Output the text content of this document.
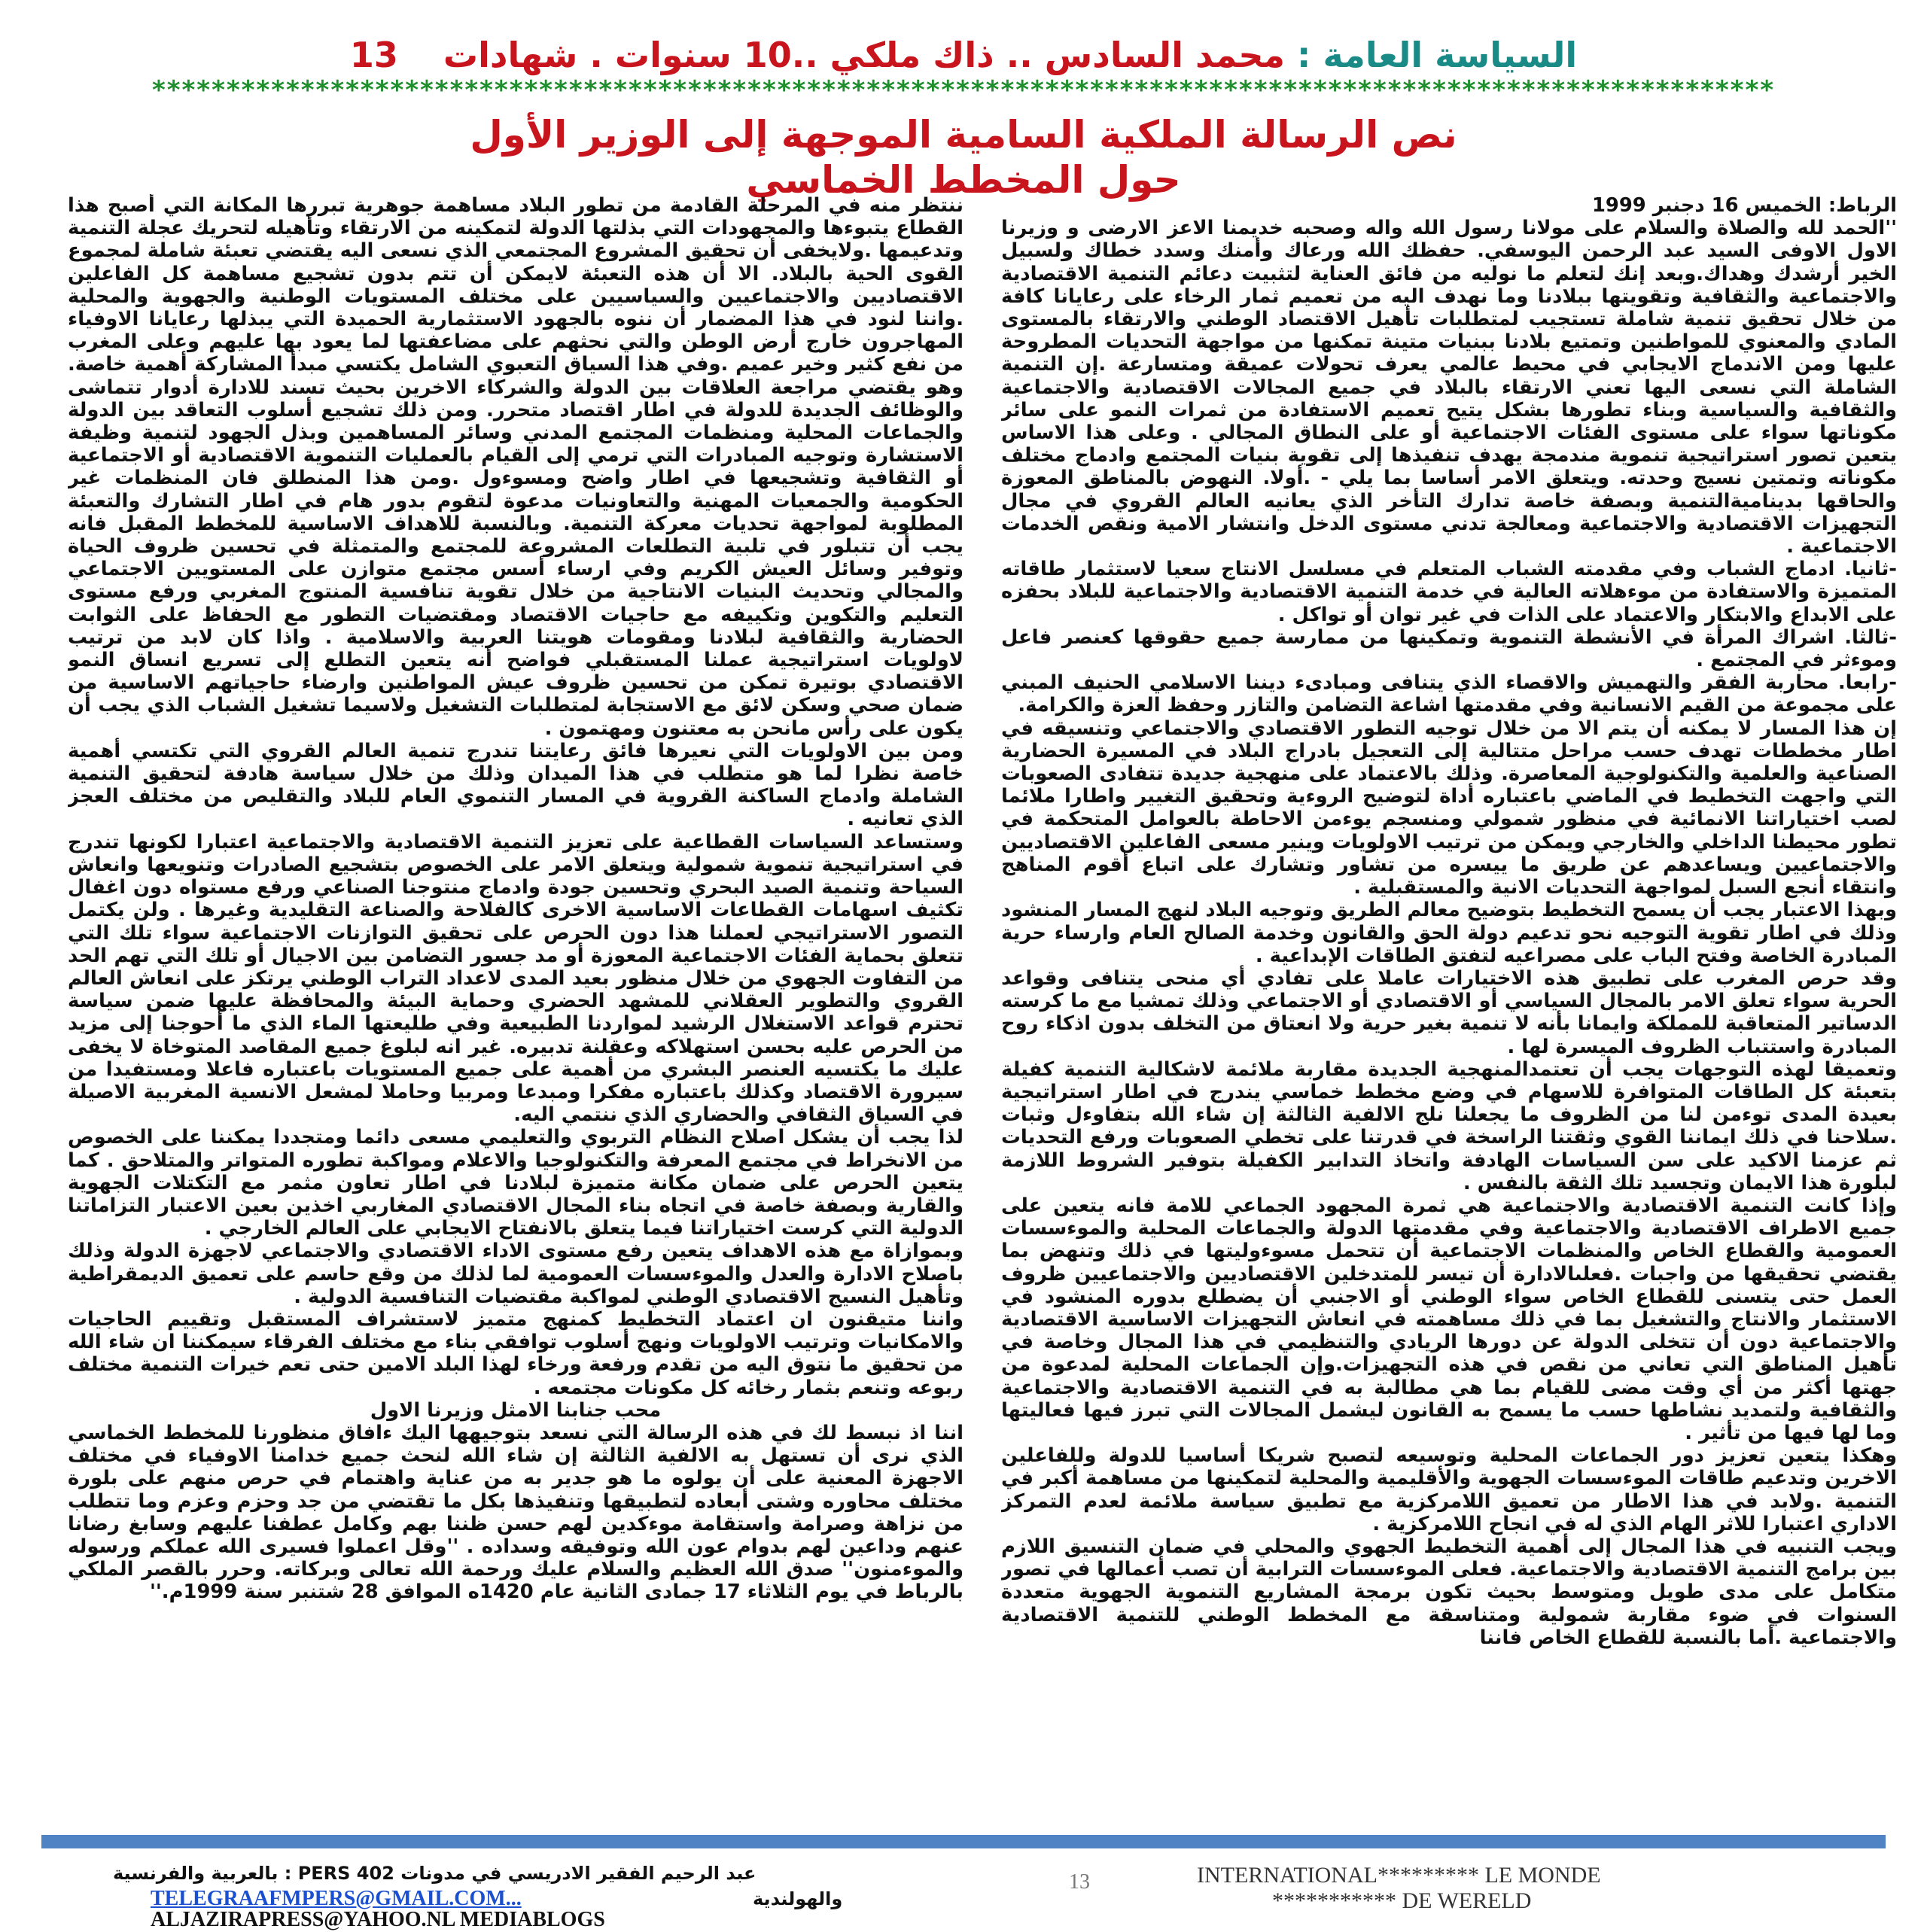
السياسة العامة :

محمد السادس .. ذاك ملكي ..10 سنوات . شهادات
13
*************************************************************************************************************
نص الرسالة الملكية السامية الموجهة إلى الوزير الأول
حول المخطط الخماسي

الرباط: الخميس 16 دجنبر 1999

''الحمد لله والصلاة والسلام على مولانا رسول الله واله وصحبه خديمنا الاعز الارضى و وزيرنا الاول الاوفى السيد عبد الرحمن اليوسفي. حفظك الله ورعاك وأمنك وسدد خطاك ولسبيل الخير أرشدك وهداك.وبعد إنك لتعلم ما نوليه من فائق العناية لتثبيت دعائم التنمية الاقتصادية والاجتماعية والثقافية وتقويتها ببلادنا وما نهدف اليه من تعميم ثمار الرخاء على رعايانا كافة من خلال تحقيق تنمية شاملة تستجيب لمتطلبات تأهيل الاقتصاد الوطني والارتقاء بالمستوى المادي والمعنوي للمواطنين وتمتيع بلادنا ببنيات متينة تمكنها من مواجهة التحديات المطروحة عليها ومن الاندماج الايجابي في محيط عالمي يعرف تحولات عميقة ومتسارعة .إن التنمية الشاملة التي نسعى اليها تعني الارتقاء بالبلاد في جميع المجالات الاقتصادية والاجتماعية والثقافية والسياسية وبناء تطورها بشكل يتيح تعميم الاستفادة من ثمرات النمو على سائر مكوناتها سواء على مستوى الفئات الاجتماعية أو على النطاق المجالي . وعلى هذا الاساس يتعين تصور استراتيجية تنموية مندمجة يهدف تنفيذها إلى تقوية بنيات المجتمع وادماج مختلف مكوناته وتمتين نسيج وحدته. ويتعلق الامر أساسا بما يلي - .أولا. النهوض بالمناطق المعوزة والحاقها بديناميةالتنمية وبصفة خاصة تدارك التأخر الذي يعانيه العالم القروي في مجال التجهيزات الاقتصادية والاجتماعية ومعالجة تدني مستوى الدخل وانتشار الامية ونقص الخدمات الاجتماعية .

-ثانيا. ادماج الشباب وفي مقدمته الشباب المتعلم في مسلسل الانتاج سعيا لاستثمار طاقاته المتميزة والاستفادة من موءهلاته العالية في خدمة التنمية الاقتصادية والاجتماعية للبلاد بحفزه على الابداع والابتكار والاعتماد على الذات في غير توان أو تواكل .

-ثالثا. اشراك المرأة في الأنشطة التنموية وتمكينها من ممارسة جميع حقوقها كعنصر فاعل وموءثر في المجتمع .

-رابعا. محاربة الفقر والتهميش والاقصاء الذي يتنافى ومبادىء ديننا الاسلامي الحنيف المبني على مجموعة من القيم الانسانية وفي مقدمتها اشاعة التضامن والتازر وحفظ العزة والكرامة.

إن هذا المسار لا يمكنه أن يتم الا من خلال توجيه التطور الاقتصادي والاجتماعي وتنسيقه في اطار مخططات تهدف حسب مراحل متتالية إلى التعجيل بادراج البلاد في المسيرة الحضارية الصناعية والعلمية والتكنولوجية المعاصرة. وذلك بالاعتماد على منهجية جديدة تتفادى الصعوبات التي واجهت التخطيط في الماضي باعتباره أداة لتوضيح الروءية وتحقيق التغيير واطارا ملائما لصب اختياراتنا الانمائية في منظور شمولي ومنسجم يوءمن الاحاطة بالعوامل المتحكمة في تطور محيطنا الداخلي والخارجي ويمكن من ترتيب الاولويات وينير مسعى الفاعلين الاقتصاديين والاجتماعيين ويساعدهم عن طريق ما ييسره من تشاور وتشارك على اتباع أقوم المناهج وانتقاء أنجع السبل لمواجهة التحديات الانية والمستقبلية .

وبهذا الاعتبار يجب أن يسمح التخطيط بتوضيح معالم الطريق وتوجيه البلاد لنهج المسار المنشود وذلك في اطار تقوية التوجيه نحو تدعيم دولة الحق والقانون وخدمة الصالح العام وارساء حرية المبادرة الخاصة وفتح الباب على مصراعيه لتفتق الطاقات الإبداعية .

وقد حرص المغرب على تطبيق هذه الاختيارات عاملا على تفادي أي منحى يتنافى وقواعد الحرية سواء تعلق الامر بالمجال السياسي أو الاقتصادي أو الاجتماعي وذلك تمشيا مع ما كرسته الدساتير المتعاقبة للمملكة وايمانا بأنه لا تنمية بغير حرية ولا انعتاق من التخلف بدون اذكاء روح المبادرة واستتباب الظروف الميسرة لها .

وتعميقا لهذه التوجهات يجب أن تعتمدالمنهجية الجديدة مقاربة ملائمة لاشكالية التنمية كفيلة بتعبئة كل الطاقات المتوافرة للاسهام في وضع مخطط خماسي يندرج في اطار استراتيجية بعيدة المدى توءمن لنا من الظروف ما يجعلنا نلج الالفية الثالثة إن شاء الله بتفاوءل وثبات .سلاحنا في ذلك ايماننا القوي وثقتنا الراسخة في قدرتنا على تخطي الصعوبات ورفع التحديات ثم عزمنا الاكيد على سن السياسات الهادفة واتخاذ التدابير الكفيلة بتوفير الشروط اللازمة لبلورة هذا الايمان وتجسيد تلك الثقة بالنفس .

وإذا كانت التنمية الاقتصادية والاجتماعية هي ثمرة المجهود الجماعي للامة فانه يتعين على جميع الاطراف الاقتصادية والاجتماعية وفي مقدمتها الدولة والجماعات المحلية والموءسسات العمومية والقطاع الخاص والمنظمات الاجتماعية أن تتحمل مسوءوليتها في ذلك وتنهض بما يقتضي تحقيقها من واجبات .فعلىالادارة أن تيسر للمتدخلين الاقتصاديين والاجتماعيين ظروف العمل حتى يتسنى للقطاع الخاص سواء الوطني أو الاجنبي أن يضطلع بدوره المنشود في الاستثمار والانتاج والتشغيل بما في ذلك مساهمته في انعاش التجهيزات الاساسية الاقتصادية والاجتماعية دون أن تتخلى الدولة عن دورها الريادي والتنظيمي في هذا المجال وخاصة في تأهيل المناطق التي تعاني من نقص في هذه التجهيزات.وإن الجماعات المحلية لمدعوة من جهتها أكثر من أي وقت مضى للقيام بما هي مطالبة به في التنمية الاقتصادية والاجتماعية والثقافية ولتمديد نشاطها حسب ما يسمح به القانون ليشمل المجالات التي تبرز فيها فعاليتها وما لها فيها من تأثير .

وهكذا يتعين تعزيز دور الجماعات المحلية وتوسيعه لتصبح شريكا أساسيا للدولة وللفاعلين الاخرين وتدعيم طاقات الموءسسات الجهوية والأقليمية والمحلية لتمكينها من مساهمة أكبر في التنمية .ولابد في هذا الاطار من تعميق اللامركزية مع تطبيق سياسة ملائمة لعدم التمركز الاداري اعتبارا للاثر الهام الذي له في انجاح اللامركزية .

ويجب التنبيه في هذا المجال إلى أهمية التخطيط الجهوي والمحلي في ضمان التنسيق اللازم بين برامج التنمية الاقتصادية والاجتماعية. فعلى الموءسسات الترابية أن تصب أعمالها في تصور متكامل على مدى طويل ومتوسط بحيث تكون برمجة المشاريع التنموية الجهوية متعددة السنوات في ضوء مقاربة شمولية ومتناسقة مع المخطط الوطني للتنمية الاقتصادية والاجتماعية .أما بالنسبة للقطاع الخاص فاننا

ننتظر منه في المرحلة القادمة من تطور البلاد مساهمة جوهرية تبررها المكانة التي أصبح هذا القطاع يتبوءها والمجهودات التي بذلتها الدولة لتمكينه من الارتقاء وتأهيله لتحريك عجلة التنمية وتدعيمها .ولايخفى أن تحقيق المشروع المجتمعي الذي نسعى اليه يقتضي تعبئة شاملة لمجموع القوى الحية بالبلاد. الا أن هذه التعبئة لايمكن أن تتم بدون تشجيع مساهمة كل الفاعلين الاقتصاديين والاجتماعيين والسياسيين على مختلف المستويات الوطنية والجهوية والمحلية .واننا لنود في هذا المضمار أن ننوه بالجهود الاستثمارية الحميدة التي يبذلها رعايانا الاوفياء المهاجرون خارج أرض الوطن والتي نحثهم على مضاعفتها لما يعود بها عليهم وعلى المغرب من نفع كثير وخير عميم .وفي هذا السياق التعبوي الشامل يكتسي مبدأ المشاركة أهمية خاصة. وهو يقتضي مراجعة العلاقات بين الدولة والشركاء الاخرين بحيث تسند للادارة أدوار تتماشى والوظائف الجديدة للدولة في اطار اقتصاد متحرر. ومن ذلك تشجيع أسلوب التعاقد بين الدولة والجماعات المحلية ومنظمات المجتمع المدني وسائر المساهمين وبذل الجهود لتنمية وظيفة الاستشارة وتوجيه المبادرات التي ترمي إلى القيام بالعمليات التنموية الاقتصادية أو الاجتماعية أو الثقافية وتشجيعها في اطار واضح ومسوءول .ومن هذا المنطلق فان المنظمات غير الحكومية والجمعيات المهنية والتعاونيات مدعوة لتقوم بدور هام في اطار التشارك والتعبئة المطلوبة لمواجهة تحديات معركة التنمية. وبالنسبة للاهداف الاساسية للمخطط المقبل فانه يجب أن تتبلور في تلبية التطلعات المشروعة للمجتمع والمتمثلة في تحسين ظروف الحياة وتوفير وسائل العيش الكريم وفي ارساء أسس مجتمع متوازن على المستويين الاجتماعي والمجالي وتحديث البنيات الانتاجية من خلال تقوية تنافسية المنتوج المغربي ورفع مستوى التعليم والتكوين وتكييفه مع حاجيات الاقتصاد ومقتضيات التطور مع الحفاظ على الثوابت الحضارية والثقافية لبلادنا ومقومات هويتنا العربية والاسلامية . واذا كان لابد من ترتيب لاولويات استراتيجية عملنا المستقبلي فواضح أنه يتعين التطلع إلى تسريع انساق النمو الاقتصادي بوتيرة تمكن من تحسين ظروف عيش المواطنين وارضاء حاجياتهم الاساسية من ضمان صحي وسكن لائق مع الاستجابة لمتطلبات التشغيل ولاسيما تشغيل الشباب الذي يجب أن يكون على رأس مانحن به معتنون ومهتمون .

ومن بين الاولويات التي نعيرها فائق رعايتنا تندرج تنمية العالم القروي التي تكتسي أهمية خاصة نظرا لما هو متطلب في هذا الميدان وذلك من خلال سياسة هادفة لتحقيق التنمية الشاملة وادماج الساكنة القروية في المسار التنموي العام للبلاد والتقليص من مختلف العجز الذي تعانيه .

وستساعد السياسات القطاعية على تعزيز التنمية الاقتصادية والاجتماعية اعتبارا لكونها تندرج في استراتيجية تنموية شمولية ويتعلق الامر على الخصوص بتشجيع الصادرات وتنويعها وانعاش السياحة وتنمية الصيد البحري وتحسين جودة وادماج منتوجنا الصناعي ورفع مستواه دون اغفال تكثيف اسهامات القطاعات الاساسية الاخرى كالفلاحة والصناعة التقليدية وغيرها . ولن يكتمل التصور الاستراتيجي لعملنا هذا دون الحرص على تحقيق التوازنات الاجتماعية سواء تلك التي تتعلق بحماية الفئات الاجتماعية المعوزة أو مد جسور التضامن بين الاجيال أو تلك التي تهم الحد من التفاوت الجهوي من خلال منظور بعيد المدى لاعداد التراب الوطني يرتكز على انعاش العالم القروي والتطوير العقلاني للمشهد الحضري وحماية البيئة والمحافظة عليها ضمن سياسة تحترم قواعد الاستغلال الرشيد لمواردنا الطبيعية وفي طليعتها الماء الذي ما أحوجنا إلى مزيد من الحرص عليه بحسن استهلاكه وعقلنة تدبيره. غير انه لبلوغ جميع المقاصد المتوخاة لا يخفى عليك ما يكتسيه العنصر البشري من أهمية على جميع المستويات باعتباره فاعلا ومستفيدا من سيرورة الاقتصاد وكذلك باعتباره مفكرا ومبدعا ومربيا وحاملا لمشعل الانسية المغربية الاصيلة في السياق الثقافي والحضاري الذي ننتمي اليه.

لذا يجب أن يشكل اصلاح النظام التربوي والتعليمي مسعى دائما ومتجددا يمكننا على الخصوص من الانخراط في مجتمع المعرفة والتكنولوجيا والاعلام ومواكبة تطوره المتواتر والمتلاحق . كما يتعين الحرص على ضمان مكانة متميزة لبلادنا في اطار تعاون مثمر مع التكتلات الجهوية والقارية وبصفة خاصة في اتجاه بناء المجال الاقتصادي المغاربي اخذين بعين الاعتبار التزاماتنا الدولية التي كرست اختياراتنا فيما يتعلق بالانفتاح الايجابي على العالم الخارجي .

وبموازاة مع هذه الاهداف يتعين رفع مستوى الاداء الاقتصادي والاجتماعي لاجهزة الدولة وذلك باصلاح الادارة والعدل والموءسسات العمومية لما لذلك من وقع حاسم على تعميق الديمقراطية وتأهيل النسيج الاقتصادي الوطني لمواكبة مقتضيات التنافسية الدولية .

واننا متيقنون ان اعتماد التخطيط كمنهج متميز لاستشراف المستقبل وتقييم الحاجيات والامكانيات وترتيب الاولويات ونهج أسلوب توافقي بناء مع مختلف الفرقاء سيمكننا ان شاء الله من تحقيق ما نتوق اليه من تقدم ورفعة ورخاء لهذا البلد الامين حتى تعم خيرات التنمية مختلف ربوعه وتنعم بثمار رخائه كل مكونات مجتمعه .

محب جنابنا الامثل وزيرنا الاول

اننا اذ نبسط لك في هذه الرسالة التي نسعد بتوجيهها اليك ءافاق منظورنا للمخطط الخماسي الذي نرى أن تستهل به الالفية الثالثة إن شاء الله لنحث جميع خدامنا الاوفياء في مختلف الاجهزة المعنية على أن يولوه ما هو جدير به من عناية واهتمام في حرص منهم على بلورة مختلف محاوره وشتى أبعاده لتطبيقها وتنفيذها بكل ما تقتضي من جد وحزم وعزم وما تتطلب من نزاهة وصرامة واستقامة موءكدين لهم حسن ظننا بهم وكامل عطفنا عليهم وسابغ رضانا عنهم وداعين لهم بدوام عون الله وتوفيقه وسداده . ''وقل اعملوا فسيرى الله عملكم ورسوله والموءمنون'' صدق الله العظيم والسلام عليك ورحمة الله تعالى وبركاته. وحرر بالقصر الملكي بالرباط في يوم الثلاثاء 17 جمادى الثانية عام 1420ه الموافق 28 شتنبر سنة 1999م.''

عبد الرحيم الفقير الادريسي في مدونات PERS 402 : بالعربية والفرنسية
TELEGRAAFMPERS@GMAIL.COM...	والهولندية
ALJAZIRAPRESS@YAHOO.NL MEDIABLOGS
13	INTERNATIONAL********* LE MONDE
*********** DE WERELD
